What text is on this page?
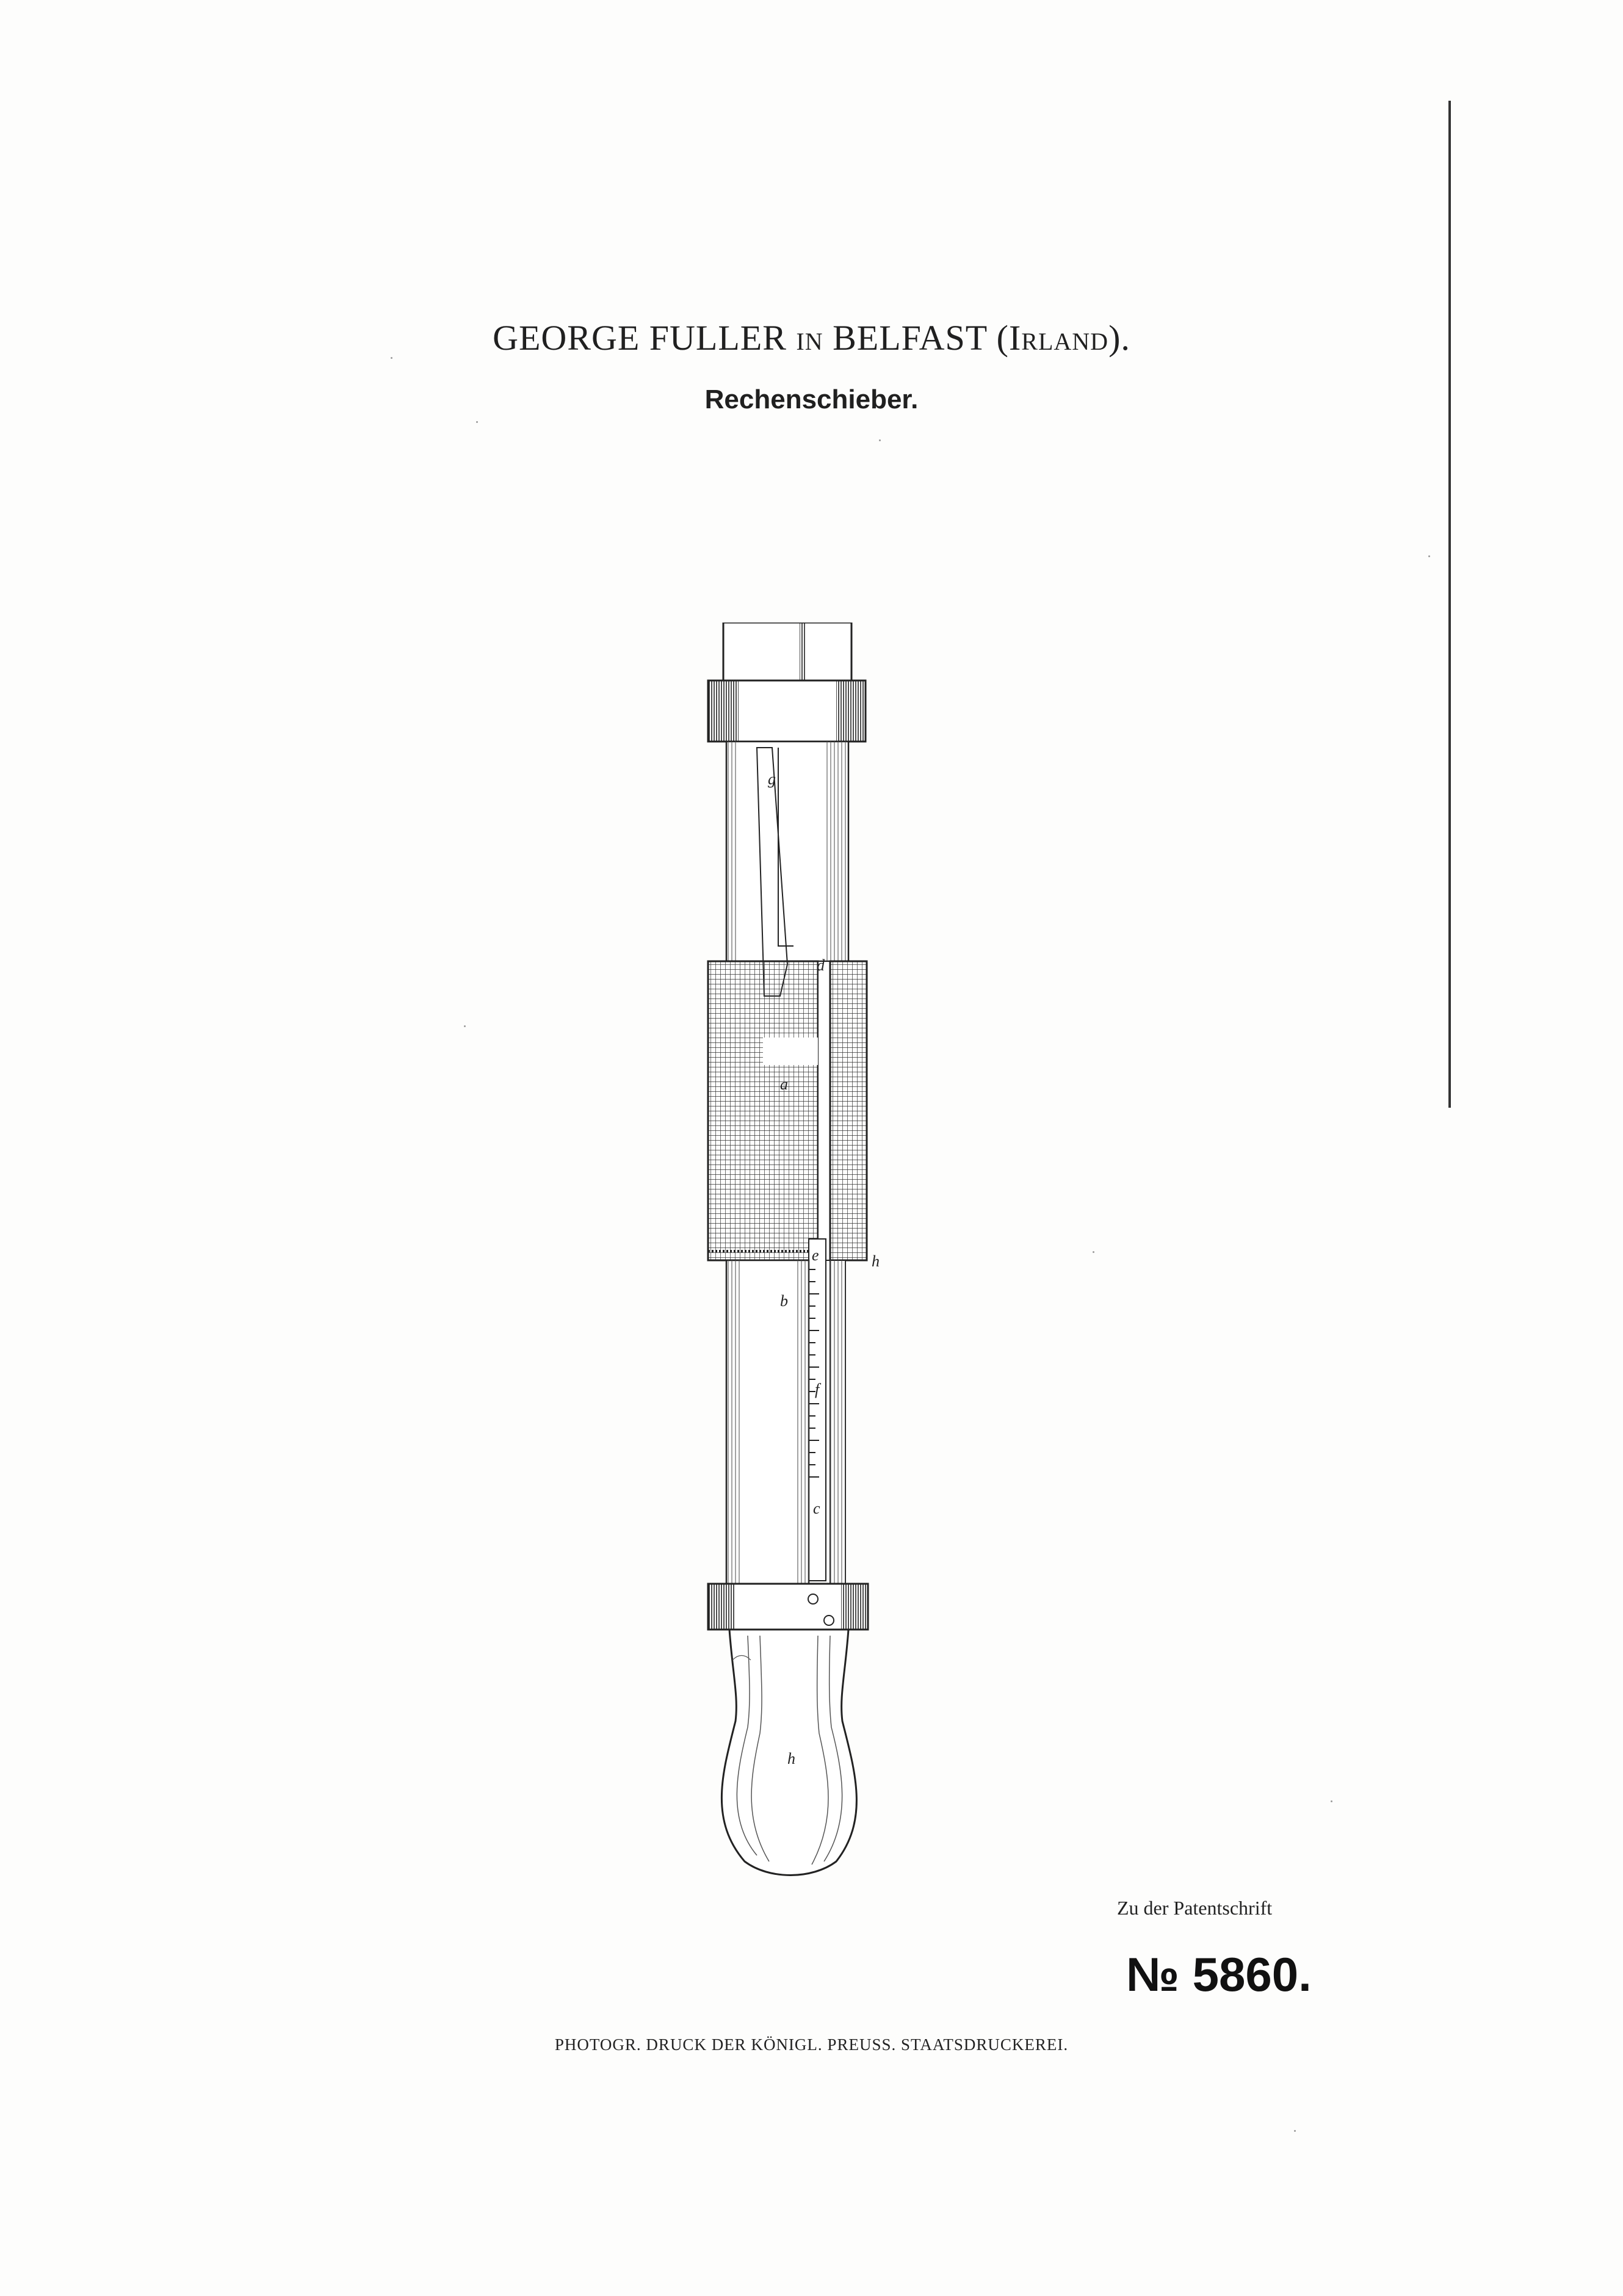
GEORGE FULLER IN BELFAST (IRLAND).
Rechenschieber.
g
d
a
e	h
b
f
c
h
Zu der Patentschrift
№ 5860.
PHOTOGR. DRUCK DER KÖNIGL. PREUSS. STAATSDRUCKEREI.
